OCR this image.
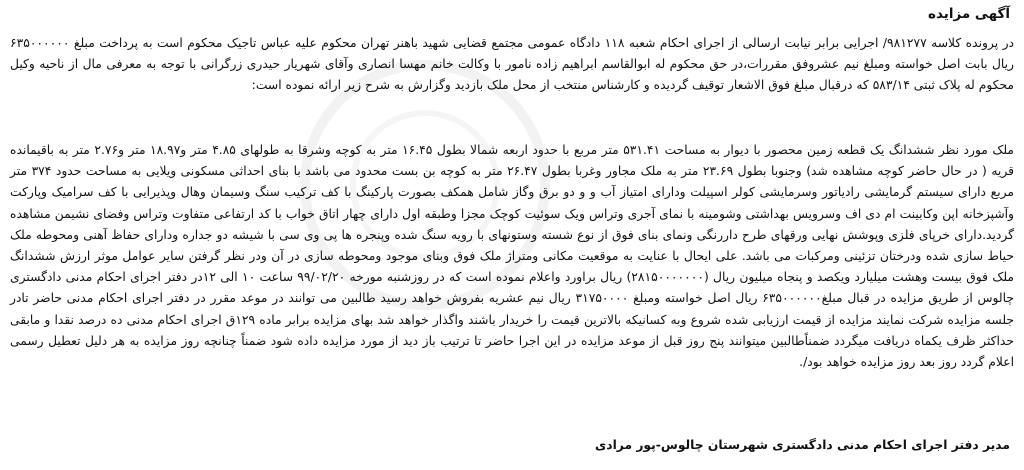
آگهی مزایده

در پرونده کلاسه ۹۸۱۲۷۷/ اجرایی برابر نیابت ارسالی از اجرای احکام شعبه ۱۱۸ دادگاه عمومی مجتمع قضایی شهید باهنر تهران محکوم علیه عباس تاجیک محکوم است به پرداخت مبلغ ۶۳۵۰۰۰۰۰۰ ریال بابت اصل خواسته ومبلغ نیم عشروفق مقررات،در حق محکوم له ابوالقاسم ابراهیم زاده نامور با وکالت خانم مهسا انصاری وآقای شهریار حیدری زرگرانی با توجه به معرفی مال از ناحیه وکیل محکوم له پلاک ثبتی ۵۸۳/۱۴ که درقبال مبلغ فوق الاشعار توقیف گردیده و کارشناس منتخب از محل ملک بازدید وگزارش به شرح زیر ارائه نموده است:

ملک مورد نظر ششدانگ یک قطعه زمین محصور با دیوار به مساحت ۵۳۱.۴۱ متر مربع با حدود اربعه شمالا بطول ۱۶.۴۵ متر به کوچه وشرقا به طولهای ۴.۸۵ متر و۱۸.۹۷ متر و۲.۷۶ متر به باقیمانده قریه ( در حال حاضر کوچه مشاهده شد) وجنوبا بطول ۲۳.۶۹ متر به ملک مجاور وغربا بطول ۲۶.۴۷ متر به کوچه بن بست محدود می باشد با بنای احداثی مسکونی ویلایی به مساحت حدود ۳۷۴ متر مربع دارای سیستم گرمایشی رادیاتور وسرمایشی کولر اسپیلت ودارای امتیاز آب و و دو برق وگاز شامل همکف بصورت پارکینگ با کف ترکیب سنگ وسیمان وهال وپذیرایی با کف سرامیک وپارکت وآشپزخانه اپن وکابینت ام دی اف وسرویس بهداشتی وشومینه با نمای آجری وتراس ویک سوئیت کوچک مجزا وطبقه اول دارای چهار اتاق خواب با کد ارتفاعی متفاوت وتراس وفضای نشیمن مشاهده گردید.دارای خرپای فلزی وپوشش نهایی ورقهای طرح داررنگی ونمای بنای فوق از نوع شسته وستونهای با رویه سنگ شده وپنجره ها پی وی سی با شیشه دو جداره ودارای حفاظ آهنی ومحوطه ملک حیاط سازی شده ودرختان تزئینی ومرکبات می باشد. علی ایحال با عنایت به موقعیت مکانی ومتراژ ملک فوق وبنای موجود ومحوطه سازی در آن ودر نظر گرفتن سایر عوامل موثر ارزش ششدانگ ملک فوق بیست وهشت میلیارد ویکصد و پنجاه میلیون ریال (۲۸۱۵۰۰۰۰۰۰۰) ریال براورد واعلام نموده است که در روزشنبه مورخه ۹۹/۰۲/۲۰ ساعت ۱۰ الی ۱۲در دفتر اجرای احکام مدنی دادگستری چالوس از طریق مزایده در قبال مبلغ۶۳۵۰۰۰۰۰۰ ریال اصل خواسته ومبلغ ۳۱۷۵۰۰۰۰ ریال نیم عشریه بفروش خواهد رسید طالبین می توانند در موعد مقرر در دفتر اجرای احکام مدنی حاضر تادر جلسه مزایده شرکت نمایند مزایده از قیمت ارزیابی شده شروع وبه کسانیکه بالاترین قیمت را خریدار باشند واگذار خواهد شد بهای مزایده برابر ماده ۱۲۹ق اجرای احکام مدنی ده درصد نقدا و مابقی حداکثر ظرف یکماه دریافت میگردد ضمناًطالبین میتوانند پنج روز قبل از موعد مزایده در این اجرا حاضر تا ترتیب باز دید از مورد مزایده داده شود ضمناً چنانچه روز مزایده به هر دلیل تعطیل رسمی اعلام گردد روز بعد روز مزایده خواهد بود/.

مدیر دفتر اجرای احکام مدنی دادگستری شهرستان چالوس-پور مرادی
